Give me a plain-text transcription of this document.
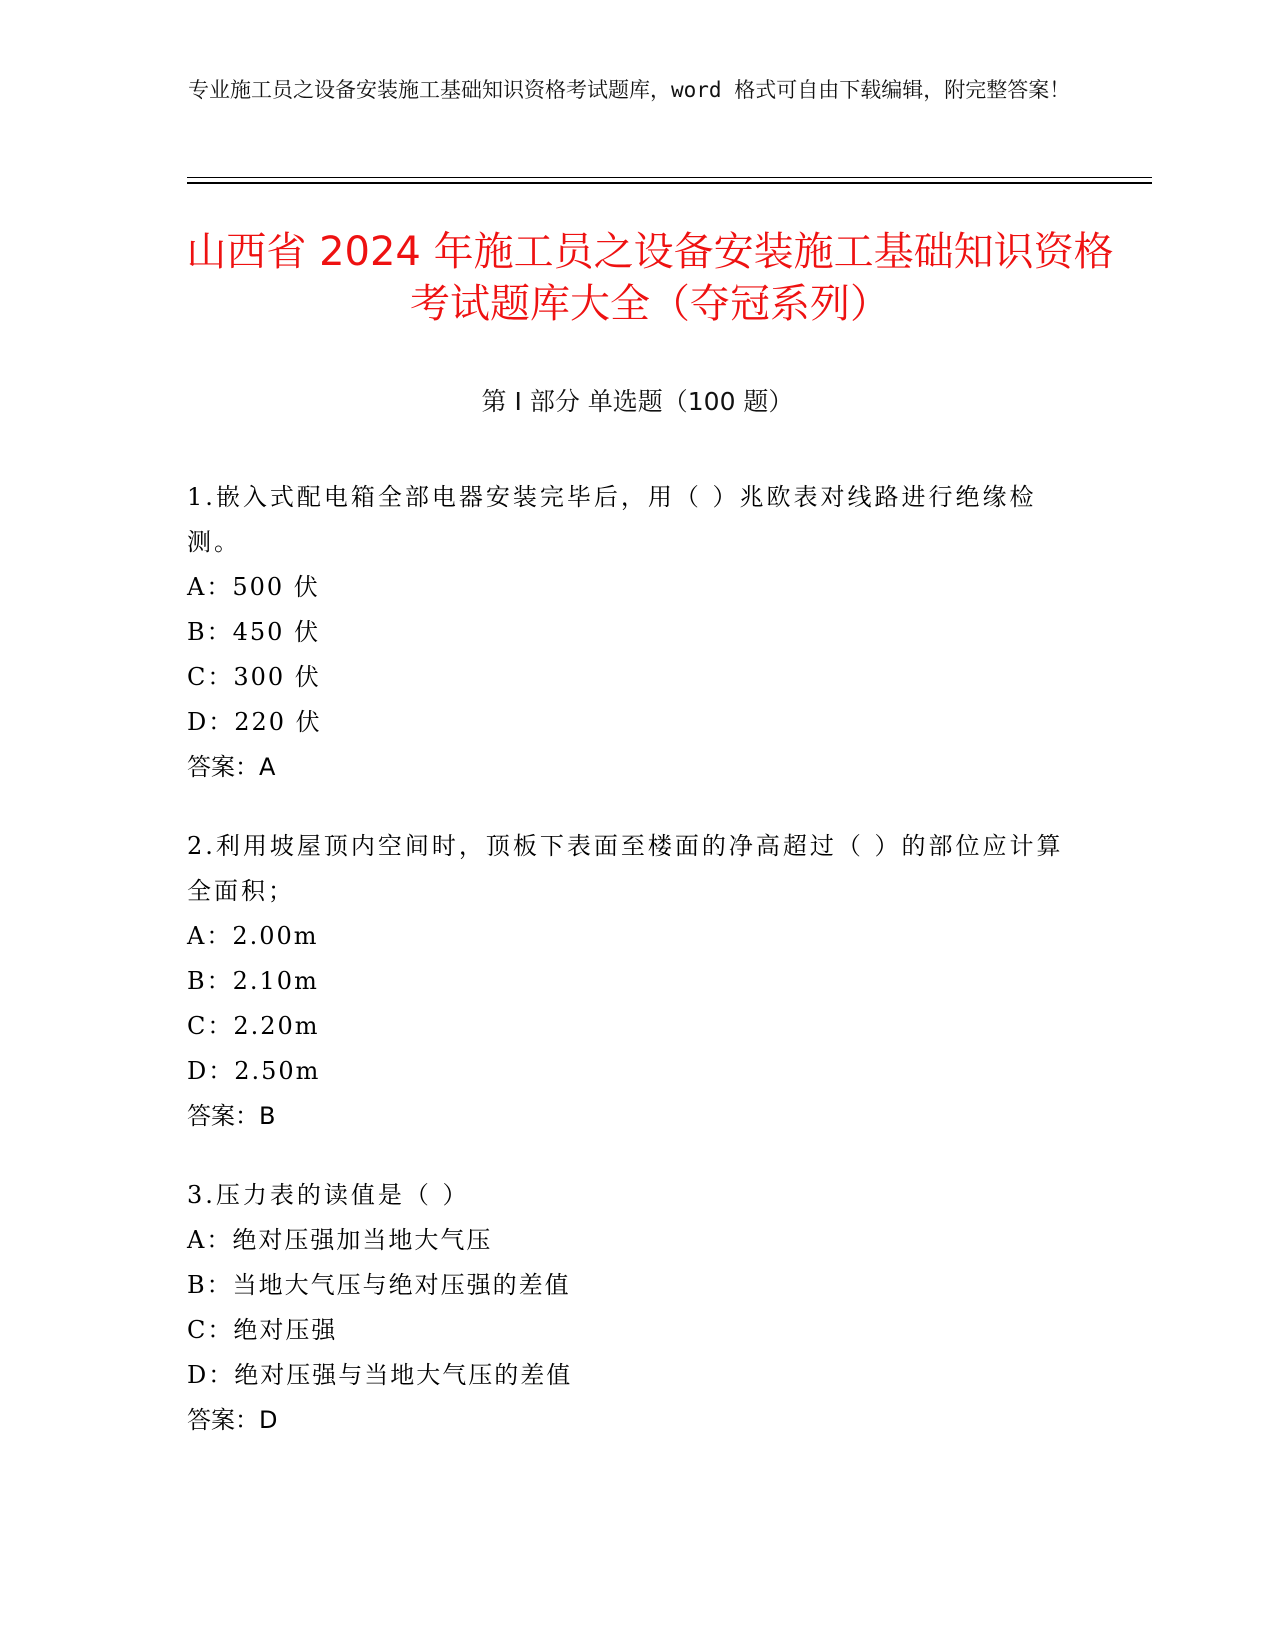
专业施工员之设备安装施工基础知识资格考试题库，word 格式可自由下载编辑，附完整答案！
山西省 2024 年施工员之设备安装施工基础知识资格考试题库大全（夺冠系列）
第 I 部分 单选题（100 题）

1.嵌入式配电箱全部电器安装完毕后，用（ ）兆欧表对线路进行绝缘检测。

A：500 伏

B：450 伏

C：300 伏

D：220 伏

答案：A

2.利用坡屋顶内空间时，顶板下表面至楼面的净高超过（ ）的部位应计算全面积；

A：2.00m

B：2.10m

C：2.20m

D：2.50m

答案：B

3.压力表的读值是（ ）

A：绝对压强加当地大气压

B：当地大气压与绝对压强的差值

C：绝对压强

D：绝对压强与当地大气压的差值

答案：D
